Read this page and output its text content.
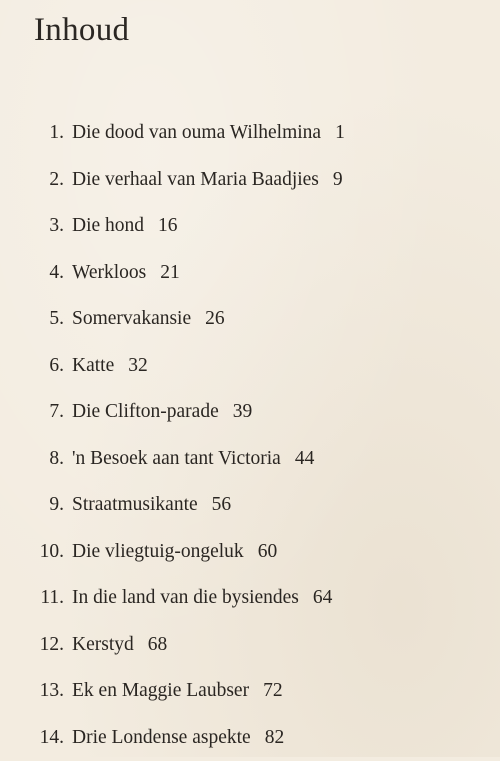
Inhoud
1. Die dood van ouma Wilhelmina 1
2. Die verhaal van Maria Baadjies 9
3. Die hond 16
4. Werkloos 21
5. Somervakansie 26
6. Katte 32
7. Die Clifton-parade 39
8. 'n Besoek aan tant Victoria 44
9. Straatmusikante 56
10. Die vliegtuig-ongeluk 60
11. In die land van die bysiendes 64
12. Kerstyd 68
13. Ek en Maggie Laubser 72
14. Drie Londense aspekte 82
